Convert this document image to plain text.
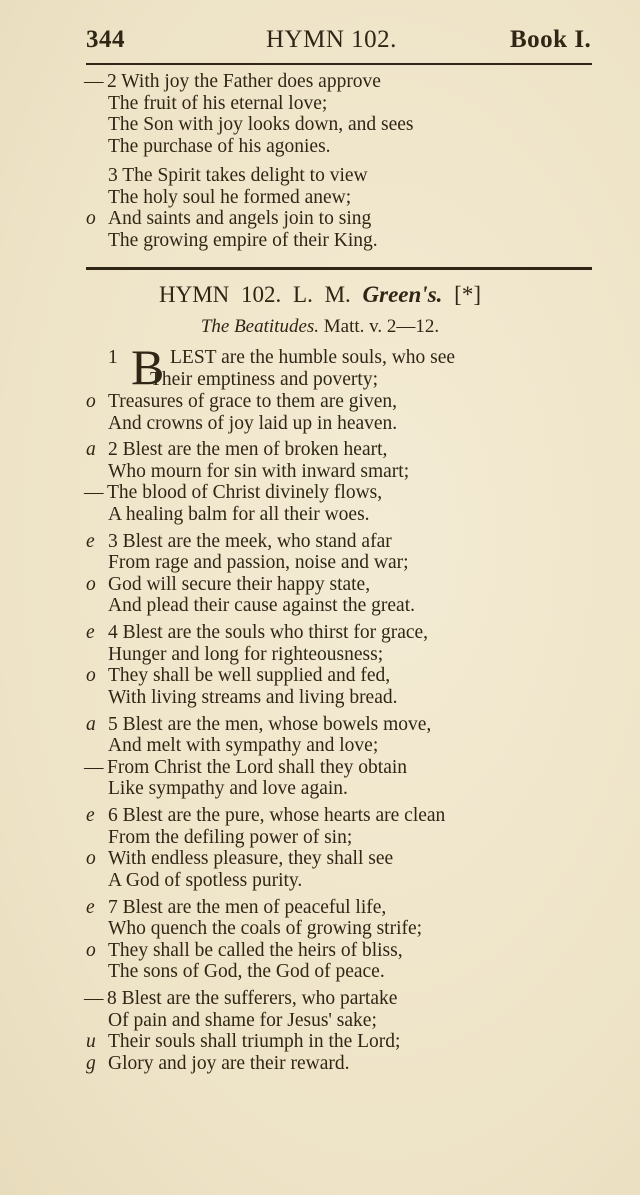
344	HYMN 102.	Book I.
— 2 With joy the Father does approve
The fruit of his eternal love;
The Son with joy looks down, and sees
The purchase of his agonies.
3 The Spirit takes delight to view
The holy soul he formed anew;
o And saints and angels join to sing
The growing empire of their King.
HYMN 102. L. M. Green's. [*]
The Beatitudes. Matt. v. 2—12.
1	LEST are the humble souls, who see
B
Their emptiness and poverty;
o Treasures of grace to them are given,
And crowns of joy laid up in heaven.
a 2 Blest are the men of broken heart,
Who mourn for sin with inward smart;
— The blood of Christ divinely flows,
A healing balm for all their woes.
e 3 Blest are the meek, who stand afar
From rage and passion, noise and war;
o God will secure their happy state,
And plead their cause against the great.
e 4 Blest are the souls who thirst for grace,
Hunger and long for righteousness;
o They shall be well supplied and fed,
With living streams and living bread.
a 5 Blest are the men, whose bowels move,
And melt with sympathy and love;
— From Christ the Lord shall they obtain
Like sympathy and love again.
e 6 Blest are the pure, whose hearts are clean
From the defiling power of sin;
o With endless pleasure, they shall see
A God of spotless purity.
e 7 Blest are the men of peaceful life,
Who quench the coals of growing strife;
o They shall be called the heirs of bliss,
The sons of God, the God of peace.
— 8 Blest are the sufferers, who partake
Of pain and shame for Jesus' sake;
u Their souls shall triumph in the Lord;
g Glory and joy are their reward.
